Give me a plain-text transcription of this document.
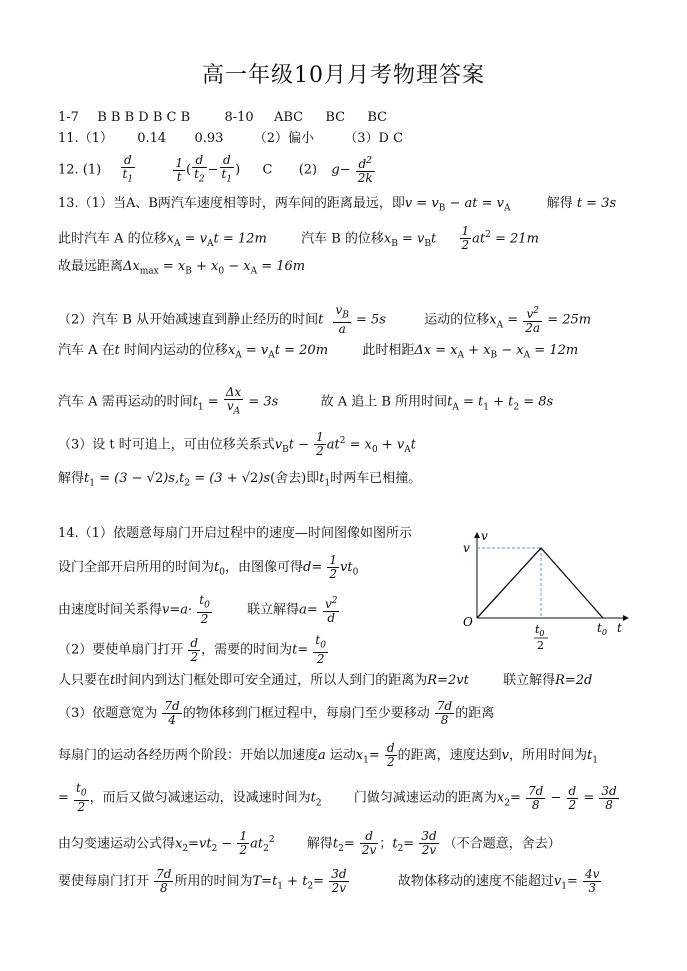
高一年级10月月考物理答案
1-7 B B B D B C B	8-10 ABC BC BC
11.（1） 0.14 0.93 （2）偏小 （3）D C
12. $(1) \frac{d}{t_1}$
	$\frac{1}{t}$ ( $\frac{d}{t_2} - \frac{d}{t_1}$ ) C (2) $g- \frac{d^2}{2k}$
13.（1）当A、B两汽车速度相等时，两车间的距离最远，即$v = v_B$ − at = $v_A$	解得 t = 3s
此时汽车 A 的位移$x_A = v_At = 12m$	汽车 B 的位移$x_B = v_Bt \frac{1}{2} at^2 = 21m$
故最远距离$\Delta x_{max} = x_B + x_0 - x_A = 16m$
（2）汽车 B 从开始减速直到静止经历的时间t $\frac{v_B}{a} = 5s$	运动的位移$x_A = \frac{v^2}{2a} = 25m$
汽车 A 在t 时间内运动的位移$x_A = v_At = 20m$	此时相距$\Delta x = x_A + x_B - x_A = 12m$
汽车 A 需再运动的时间$t_1 = \frac{\Delta x}{v_A} = 3s$	故 A 追上 B 所用时间$t_A = t_1 + t_2 = 8s$
（3）设 t 时可追上，可由位移关系式$v_Bt - \frac{1}{2} at^2 = x_0 + v_At$
解得$t_1 = (3 - √2)s,t_2 = (3 + √2)s$(舍去)即$t_1$时两车已相撞。
14.（1）依题意每扇门开启过程中的速度—时间图像如图所示
设门全部开启所用的时间为$t_0$，由图像可得$d= \frac{1}{2} vt_0$
由速度时间关系得$v=a\cdot \frac{t_0}{2}$	联立解得$a= \frac{v^2}{d}$
（2）要使单扇门打开 $\frac{d}{2}$ ，需要的时间为$t= \frac{t_0}{2}$
人只要在t时间内到达门框处即可安全通过，所以人到门的距离为R=2vt	联立解得R=2d
（3）依题意宽为 $\frac{7d}{4}$ 的物体移到门框过程中，每扇门至少要移动 $\frac{7d}{8}$ 的距离
每扇门的运动各经历两个阶段：开始以加速度a 运动$x_1= \frac{d}{2}$ 的距离，速度达到v，所用时间为$t_1$
= $\frac{t_0}{2}$ ，而后又做匀减速运动，设减速时间为$t_2$ 门做匀减速运动的距离为$x_2= \frac{7d}{8} - \frac{d}{2} = \frac{3d}{8}$
由匀变速运动公式得$x_2=vt_2 - \frac{1}{2} at_2^2$ 解得$t_2= \frac{d}{2v}$ ；$t_2= \frac{3d}{2v}$ （不合题意，舍去）
要使每扇门打开 $\frac{7d}{8}$ 所用的时间为$T=t_1 + t_2= \frac{3d}{2v}$	故物体移动的速度不能超过$v_1= \frac{4v}{3}$
v
v
O	t
$t_0$
$t_0$
2
